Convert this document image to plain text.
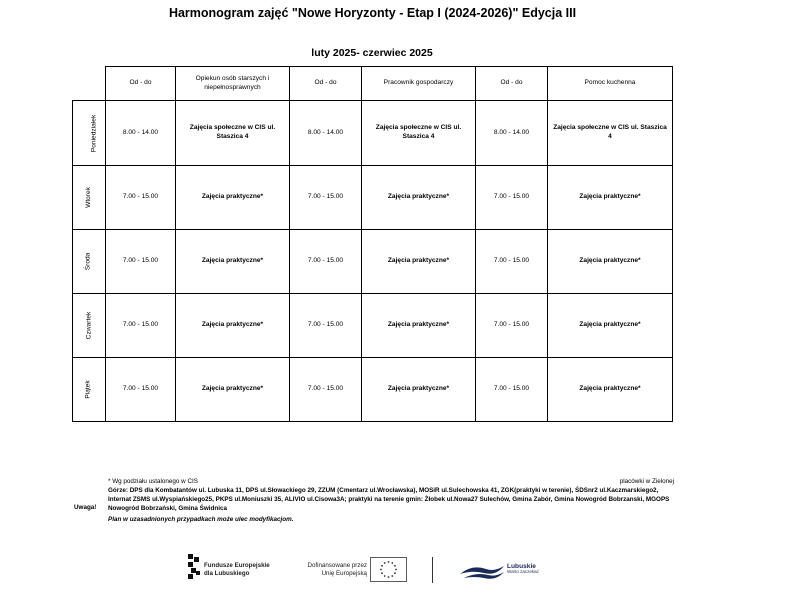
Harmonogram zajęć "Nowe Horyzonty - Etap I (2024-2026)" Edycja III
luty 2025- czerwiec 2025
	Od - do	Opiekun osób starszych i niepełnosprawnych	Od - do	Pracownik gospodarczy	Od - do	Pomoc kuchenna
Poniedziałek	8.00 - 14.00	Zajęcia społeczne w CIS ul. Staszica 4	8.00 - 14.00	Zajęcia społeczne w CIS ul. Staszica 4	8.00 - 14.00	Zajęcia społeczne w CIS ul. Staszica 4
Wtorek	7.00 - 15.00	Zajęcia praktyczne*	7.00 - 15.00	Zajęcia praktyczne*	7.00 - 15.00	Zajęcia praktyczne*
Środa	7.00 - 15.00	Zajęcia praktyczne*	7.00 - 15.00	Zajęcia praktyczne*	7.00 - 15.00	Zajęcia praktyczne*
Czwartek	7.00 - 15.00	Zajęcia praktyczne*	7.00 - 15.00	Zajęcia praktyczne*	7.00 - 15.00	Zajęcia praktyczne*
Piątek	7.00 - 15.00	Zajęcia praktyczne*	7.00 - 15.00	Zajęcia praktyczne*	7.00 - 15.00	Zajęcia praktyczne*
Uwaga!
* Wg podziału ustalonego w CIS	placówki w Zielonej
Górze: DPS dla Kombatantów ul. Lubuska 11, DPS ul.Słowackiego 29, ZZUM (Cmentarz ul.Wrocławska), MOSiR ul.Sulechowska 41, ZGK(praktyki w terenie), ŚDSnr2 ul.Kaczmarskiego2, Internat ZSMS ul.Wyspiańskiego25, PKPS ul.Moniuszki 35, ALIVIO ul.Cisowa3A; praktyki na terenie gmin: Żłobek ul.Nowa27 Sulechów, Gmina Zabór, Gmina Nowogród Bobrzanski, MGOPS Nowogród Bobrzański, Gmina Świdnica
Plan w uzasadnionych przypadkach może ulec modyfikacjom.
Fundusze Europejskie
dla Lubuskiego
Dofinansowane przez
Unię Europejską
Lubuskie
Warto zaczekać
